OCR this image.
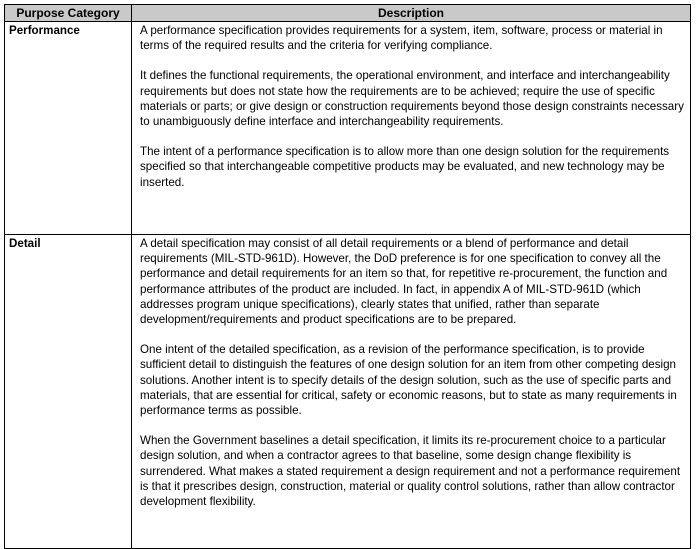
Purpose Category	Description
Performance	A performance specification provides requirements for a system, item, software, process or material in terms of the required results and the criteria for verifying compliance.

It defines the functional requirements, the operational environment, and interface and interchangeability requirements but does not state how the requirements are to be achieved; require the use of specific materials or parts; or give design or construction requirements beyond those design constraints necessary to unambiguously define interface and interchangeability requirements.

The intent of a performance specification is to allow more than one design solution for the requirements specified so that interchangeable competitive products may be evaluated, and new technology may be inserted.

Detail	A detail specification may consist of all detail requirements or a blend of performance and detail requirements (MIL-STD-961D). However, the DoD preference is for one specification to convey all the performance and detail requirements for an item so that, for repetitive re-procurement, the function and performance attributes of the product are included. In fact, in appendix A of MIL-STD-961D (which addresses program unique specifications), clearly states that unified, rather than separate development/requirements and product specifications are to be prepared.

One intent of the detailed specification, as a revision of the performance specification, is to provide sufficient detail to distinguish the features of one design solution for an item from other competing design solutions. Another intent is to specify details of the design solution, such as the use of specific parts and materials, that are essential for critical, safety or economic reasons, but to state as many requirements in performance terms as possible.

When the Government baselines a detail specification, it limits its re-procurement choice to a particular design solution, and when a contractor agrees to that baseline, some design change flexibility is surrendered. What makes a stated requirement a design requirement and not a performance requirement is that it prescribes design, construction, material or quality control solutions, rather than allow contractor development flexibility.
